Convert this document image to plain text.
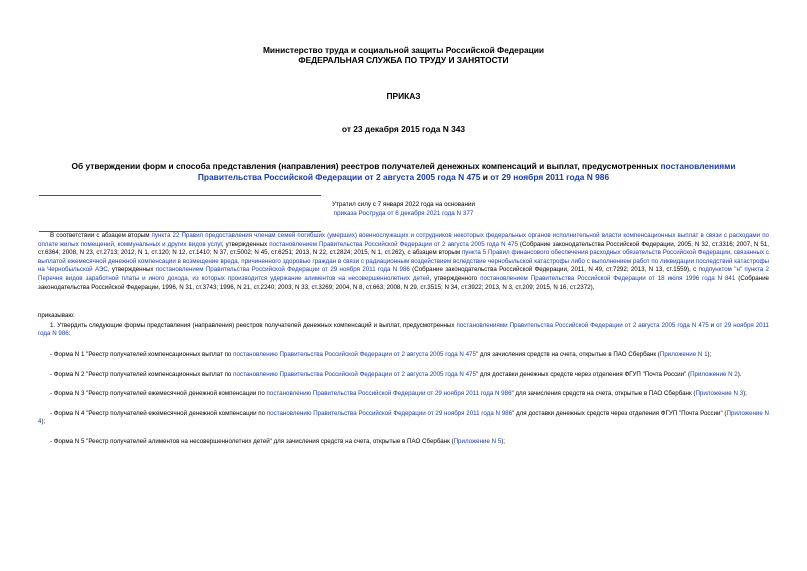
Министерство труда и социальной защиты Российской Федерации
ФЕДЕРАЛЬНАЯ СЛУЖБА ПО ТРУДУ И ЗАНЯТОСТИ
ПРИКАЗ
от 23 декабря 2015 года N 343
Об утверждении форм и способа представления (направления) реестров получателей денежных компенсаций и выплат, предусмотренных постановлениями Правительства Российской Федерации от 2 августа 2005 года N 475 и от 29 ноября 2011 года N 986
Утратил силу с 7 января 2022 года на основании
приказа Роструда от 6 декабря 2021 года N 377
В соответствии с абзацем вторым пункта 22 Правил предоставления членам семей погибших (умерших) военнослужащих и сотрудников некоторых федеральных органов исполнительной власти компенсационных выплат в связи с расходами по оплате жилых помещений, коммунальных и других видов услуг, утвержденных постановлением Правительства Российской Федерации от 2 августа 2005 года N 475 (Собрание законодательства Российской Федерации, 2005, N 32, ст.3316; 2007, N 51, ст.6364; 2008, N 23, ст.2713; 2012, N 1, ст.120; N 12, ст.1410; N 37, ст.5002; N 45, ст.6251; 2013, N 22, ст.2824; 2015, N 1, ст.262), с абзацем вторым пункта 5 Правил финансового обеспечения расходных обязательств Российской Федерации, связанных с выплатой ежемесячной денежной компенсации в возмещение вреда, причиненного здоровью граждан в связи с радиационным воздействием вследствие чернобыльской катастрофы либо с выполнением работ по ликвидации последствий катастрофы на Чернобыльской АЭС, утвержденных постановлением Правительства Российской Федерации от 29 ноября 2011 года N 986 (Собрание законодательства Российской Федерации, 2011, N 49, ст.7292; 2013, N 13, ст.1559), с подпунктом "н" пункта 2 Перечня видов заработной платы и иного дохода, из которых производится удержание алиментов на несовершеннолетних детей, утвержденного постановлением Правительства Российской Федерации от 18 июля 1996 года N 841 (Собрание законодательства Российской Федерации, 1996, N 31, ст.3743; 1996, N 21, ст.2240; 2003, N 33, ст.3269; 2004, N 8, ст.663; 2008, N 29, ст.3515; N 34, ст.3922; 2013, N 3, ст.209; 2015, N 16, ст.2372),
приказываю:
1. Утвердить следующие формы представления (направления) реестров получателей денежных компенсаций и выплат, предусмотренных постановлениями Правительства Российской Федерации от 2 августа 2005 года N 475 и от 29 ноября 2011 года N 986:
- Форма N 1 "Реестр получателей компенсационных выплат по постановлению Правительства Российской Федерации от 2 августа 2005 года N 475" для зачисления средств на счета, открытые в ПАО Сбербанк (Приложение N 1);
- Форма N 2 "Реестр получателей компенсационных выплат по постановлению Правительства Российской Федерации от 2 августа 2005 года N 475" для доставки денежных средств через отделения ФГУП "Почта России" (Приложение N 2).
- Форма N 3 "Реестр получателей ежемесячной денежной компенсации по постановлению Правительства Российской Федерации от 29 ноября 2011 года N 986" для зачисления средств на счета, открытые в ПАО Сбербанк (Приложение N 3);
- Форма N 4 "Реестр получателей ежемесячной денежной компенсации по постановлению Правительства Российской Федерации от 29 ноября 2011 года N 986" для доставки денежных средств через отделения ФГУП "Почта России" (Приложение N 4);
- Форма N 5 "Реестр получателей алиментов на несовершеннолетних детей" для зачисления средств на счета, открытые в ПАО Сбербанк (Приложение N 5);
